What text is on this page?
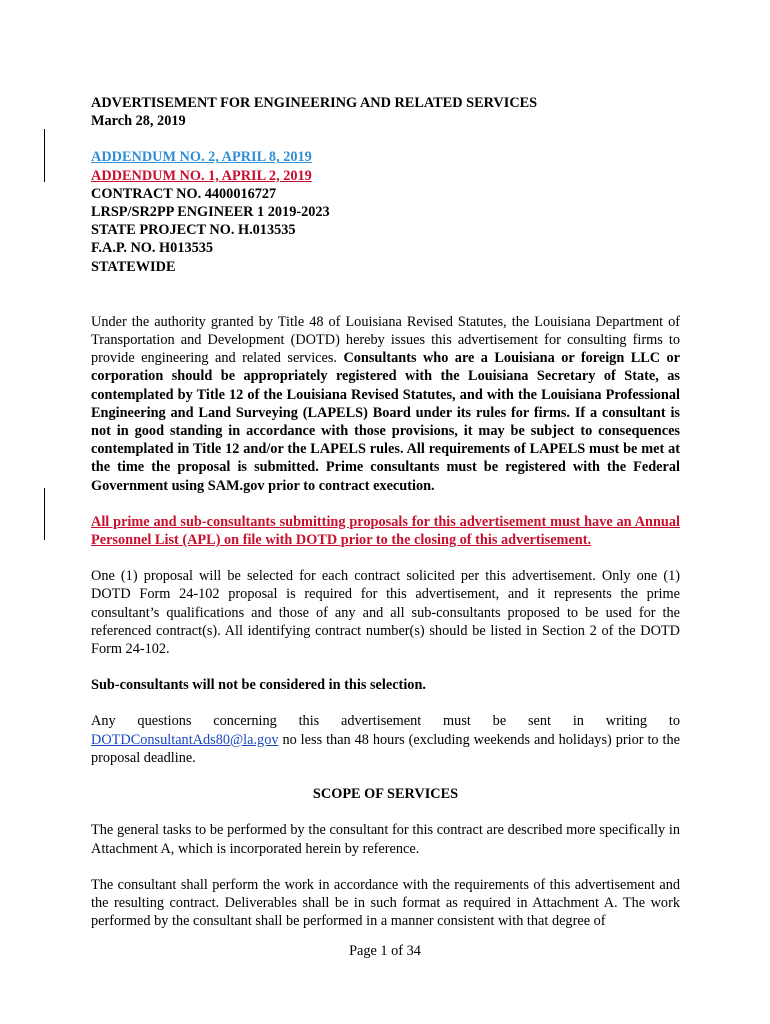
ADVERTISEMENT FOR ENGINEERING AND RELATED SERVICES
March 28, 2019
ADDENDUM NO. 2, APRIL 8, 2019
ADDENDUM NO. 1, APRIL 2, 2019
CONTRACT NO. 4400016727
LRSP/SR2PP ENGINEER 1 2019-2023
STATE PROJECT NO. H.013535
F.A.P. NO. H013535
STATEWIDE

Under the authority granted by Title 48 of Louisiana Revised Statutes, the Louisiana Department of Transportation and Development (DOTD) hereby issues this advertisement for consulting firms to provide engineering and related services. Consultants who are a Louisiana or foreign LLC or corporation should be appropriately registered with the Louisiana Secretary of State, as contemplated by Title 12 of the Louisiana Revised Statutes, and with the Louisiana Professional Engineering and Land Surveying (LAPELS) Board under its rules for firms. If a consultant is not in good standing in accordance with those provisions, it may be subject to consequences contemplated in Title 12 and/or the LAPELS rules. All requirements of LAPELS must be met at the time the proposal is submitted. Prime consultants must be registered with the Federal Government using SAM.gov prior to contract execution.

All prime and sub-consultants submitting proposals for this advertisement must have an Annual Personnel List (APL) on file with DOTD prior to the closing of this advertisement.

One (1) proposal will be selected for each contract solicited per this advertisement. Only one (1) DOTD Form 24-102 proposal is required for this advertisement, and it represents the prime consultant’s qualifications and those of any and all sub-consultants proposed to be used for the referenced contract(s). All identifying contract number(s) should be listed in Section 2 of the DOTD Form 24-102.

Sub-consultants will not be considered in this selection.

Any questions concerning this advertisement must be sent in writing to DOTDConsultantAds80@la.gov no less than 48 hours (excluding weekends and holidays) prior to the proposal deadline.

SCOPE OF SERVICES

The general tasks to be performed by the consultant for this contract are described more specifically in Attachment A, which is incorporated herein by reference.

The consultant shall perform the work in accordance with the requirements of this advertisement and the resulting contract. Deliverables shall be in such format as required in Attachment A. The work performed by the consultant shall be performed in a manner consistent with that degree of

Page 1 of 34
